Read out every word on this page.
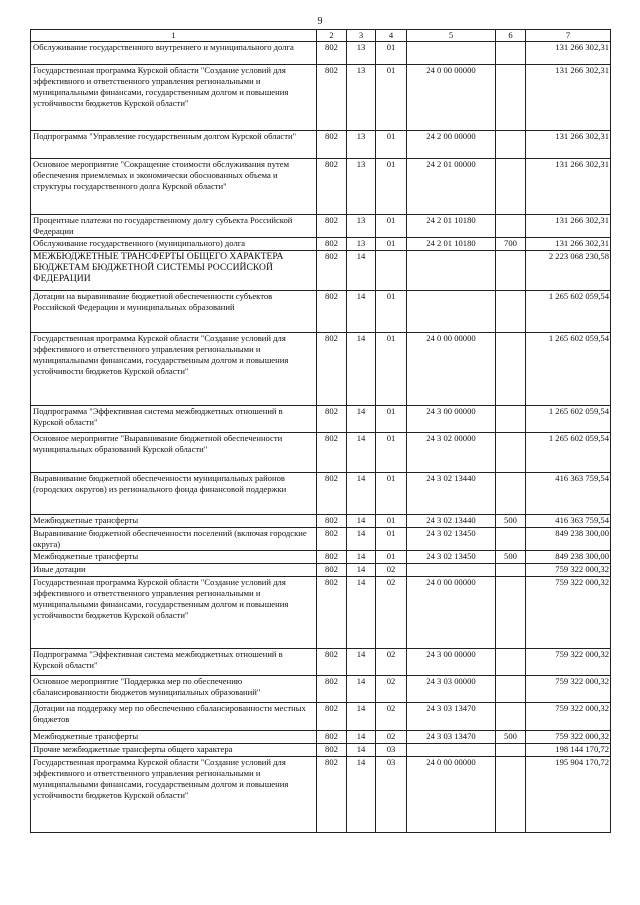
9
1	2	3	4	5	6	7
Обслуживание государственного внутреннего и муниципального долга	802	13	01			131 266 302,31
Государственная программа Курской области "Создание условий для эффективного и ответственного управления региональными и муниципальными финансами, государственным долгом и повышения устойчивости бюджетов Курской области"	802	13	01	24 0 00 00000		131 266 302,31
Подпрограмма "Управление государственным долгом Курской области"	802	13	01	24 2 00 00000		131 266 302,31
Основное мероприятие "Сокращение стоимости обслуживания путем обеспечения приемлемых и экономически обоснованных объема и структуры государственного долга Курской области"	802	13	01	24 2 01 00000		131 266 302,31
Процентные платежи по государственному долгу субъекта Российской Федерации	802	13	01	24 2 01 10180		131 266 302,31
Обслуживание государственного (муниципального) долга	802	13	01	24 2 01 10180	700	131 266 302,31
МЕЖБЮДЖЕТНЫЕ ТРАНСФЕРТЫ ОБЩЕГО ХАРАКТЕРА БЮДЖЕТАМ БЮДЖЕТНОЙ СИСТЕМЫ РОССИЙСКОЙ ФЕДЕРАЦИИ	802	14				2 223 068 230,58
Дотации на выравнивание бюджетной обеспеченности субъектов Российской Федерации и муниципальных образований	802	14	01			1 265 602 059,54
Государственная программа Курской области "Создание условий для эффективного и ответственного управления региональными и муниципальными финансами, государственным долгом и повышения устойчивости бюджетов Курской области"	802	14	01	24 0 00 00000		1 265 602 059,54
Подпрограмма "Эффективная система межбюджетных отношений в Курской области"	802	14	01	24 3 00 00000		1 265 602 059,54
Основное мероприятие "Выравнивание бюджетной обеспеченности муниципальных образований Курской области"	802	14	01	24 3 02 00000		1 265 602 059,54
Выравнивание бюджетной обеспеченности муниципальных районов (городских округов) из регионального фонда финансовой поддержки	802	14	01	24 3 02 13440		416 363 759,54
Межбюджетные трансферты	802	14	01	24 3 02 13440	500	416 363 759,54
Выравнивание бюджетной обеспеченности поселений (включая городские округа)	802	14	01	24 3 02 13450		849 238 300,00
Межбюджетные трансферты	802	14	01	24 3 02 13450	500	849 238 300,00
Иные дотации	802	14	02			759 322 000,32
Государственная программа Курской области "Создание условий для эффективного и ответственного управления региональными и муниципальными финансами, государственным долгом и повышения устойчивости бюджетов Курской области"	802	14	02	24 0 00 00000		759 322 000,32
Подпрограмма "Эффективная система межбюджетных отношений в Курской области"	802	14	02	24 3 00 00000		759 322 000,32
Основное мероприятие "Поддержка мер по обеспечению сбалансированности бюджетов муниципальных образований"	802	14	02	24 3 03 00000		759 322 000,32
Дотации на поддержку мер по обеспечению сбалансированности местных бюджетов	802	14	02	24 3 03 13470		759 322 000,32
Межбюджетные трансферты	802	14	02	24 3 03 13470	500	759 322 000,32
Прочие межбюджетные трансферты общего характера	802	14	03			198 144 170,72
Государственная программа Курской области "Создание условий для эффективного и ответственного управления региональными и муниципальными финансами, государственным долгом и повышения устойчивости бюджетов Курской области"	802	14	03	24 0 00 00000		195 904 170,72
